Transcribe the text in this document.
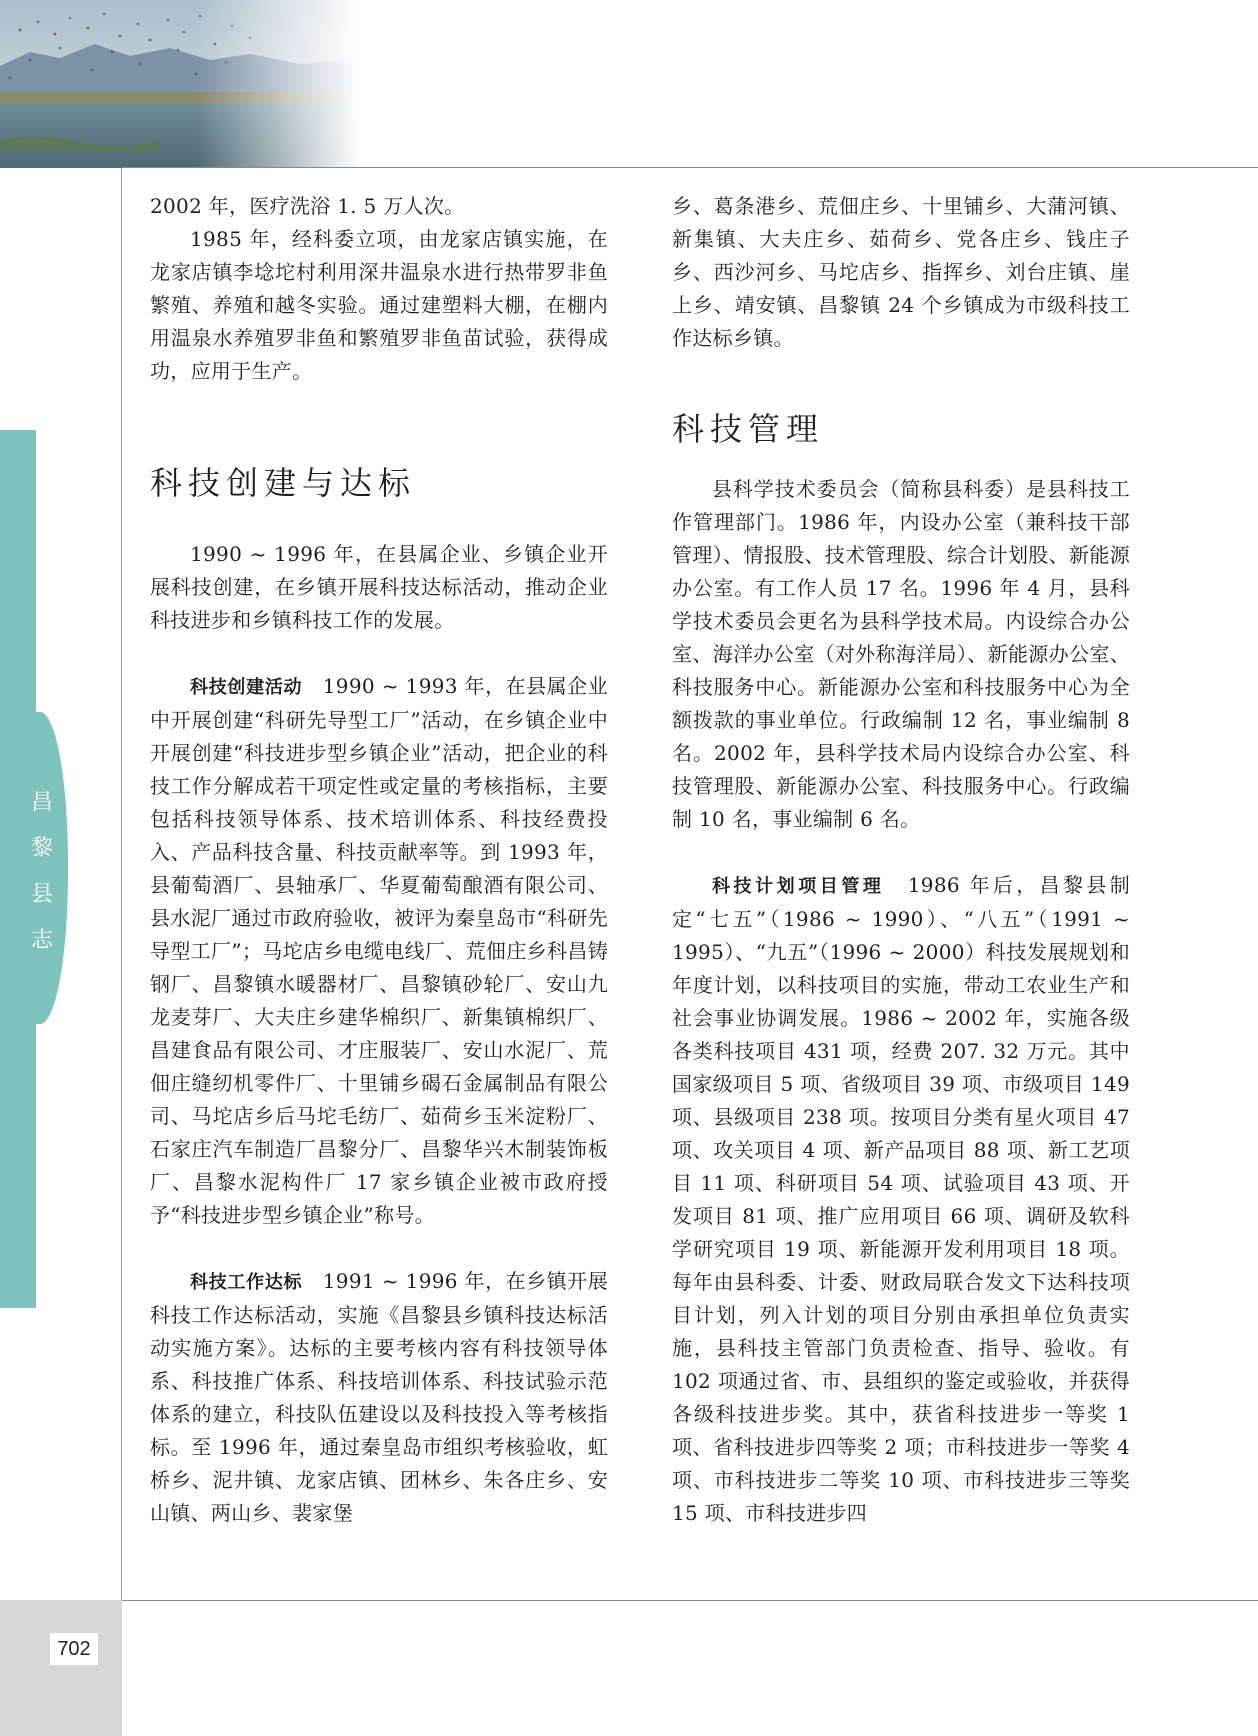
昌
黎
县
志

2002 年，医疗洗浴 1. 5 万人次。

1985 年，经科委立项，由龙家店镇实施，在龙家店镇李埝坨村利用深井温泉水进行热带罗非鱼繁殖、养殖和越冬实验。通过建塑料大棚，在棚内用温泉水养殖罗非鱼和繁殖罗非鱼苗试验，获得成功，应用于生产。

科技创建与达标

1990 ~ 1996 年，在县属企业、乡镇企业开展科技创建，在乡镇开展科技达标活动，推动企业科技进步和乡镇科技工作的发展。

科技创建活动　1990 ~ 1993 年，在县属企业中开展创建“科研先导型工厂”活动，在乡镇企业中开展创建“科技进步型乡镇企业”活动，把企业的科技工作分解成若干项定性或定量的考核指标，主要包括科技领导体系、技术培训体系、科技经费投入、产品科技含量、科技贡献率等。到 1993 年，县葡萄酒厂、县轴承厂、华夏葡萄酿酒有限公司、县水泥厂通过市政府验收，被评为秦皇岛市“科研先导型工厂”；马坨店乡电缆电线厂、荒佃庄乡科昌铸钢厂、昌黎镇水暖器材厂、昌黎镇砂轮厂、安山九龙麦芽厂、大夫庄乡建华棉织厂、新集镇棉织厂、昌建食品有限公司、才庄服装厂、安山水泥厂、荒佃庄缝纫机零件厂、十里铺乡碣石金属制品有限公司、马坨店乡后马坨毛纺厂、茹荷乡玉米淀粉厂、石家庄汽车制造厂昌黎分厂、昌黎华兴木制装饰板厂、昌黎水泥构件厂 17 家乡镇企业被市政府授予“科技进步型乡镇企业”称号。

科技工作达标　1991 ~ 1996 年，在乡镇开展科技工作达标活动，实施《昌黎县乡镇科技达标活动实施方案》。达标的主要考核内容有科技领导体系、科技推广体系、科技培训体系、科技试验示范体系的建立，科技队伍建设以及科技投入等考核指标。至 1996 年，通过秦皇岛市组织考核验收，虹桥乡、泥井镇、龙家店镇、团林乡、朱各庄乡、安山镇、两山乡、裴家堡

乡、葛条港乡、荒佃庄乡、十里铺乡、大蒲河镇、新集镇、大夫庄乡、茹荷乡、党各庄乡、钱庄子乡、西沙河乡、马坨店乡、指挥乡、刘台庄镇、崖上乡、靖安镇、昌黎镇 24 个乡镇成为市级科技工作达标乡镇。

科技管理

县科学技术委员会（简称县科委）是县科技工作管理部门。1986 年，内设办公室（兼科技干部管理）、情报股、技术管理股、综合计划股、新能源办公室。有工作人员 17 名。1996 年 4 月，县科学技术委员会更名为县科学技术局。内设综合办公室、海洋办公室（对外称海洋局）、新能源办公室、科技服务中心。新能源办公室和科技服务中心为全额拨款的事业单位。行政编制 12 名，事业编制 8 名。2002 年，县科学技术局内设综合办公室、科技管理股、新能源办公室、科技服务中心。行政编制 10 名，事业编制 6 名。

科技计划项目管理　1986 年后，昌黎县制定“七五”（1986 ~ 1990）、“八五”（1991 ~ 1995）、“九五”（1996 ~ 2000）科技发展规划和年度计划，以科技项目的实施，带动工农业生产和社会事业协调发展。1986 ~ 2002 年，实施各级各类科技项目 431 项，经费 207. 32 万元。其中国家级项目 5 项、省级项目 39 项、市级项目 149 项、县级项目 238 项。按项目分类有星火项目 47 项、攻关项目 4 项、新产品项目 88 项、新工艺项目 11 项、科研项目 54 项、试验项目 43 项、开发项目 81 项、推广应用项目 66 项、调研及软科学研究项目 19 项、新能源开发利用项目 18 项。每年由县科委、计委、财政局联合发文下达科技项目计划，列入计划的项目分别由承担单位负责实施，县科技主管部门负责检查、指导、验收。有 102 项通过省、市、县组织的鉴定或验收，并获得各级科技进步奖。其中，获省科技进步一等奖 1 项、省科技进步四等奖 2 项；市科技进步一等奖 4 项、市科技进步二等奖 10 项、市科技进步三等奖 15 项、市科技进步四

702
